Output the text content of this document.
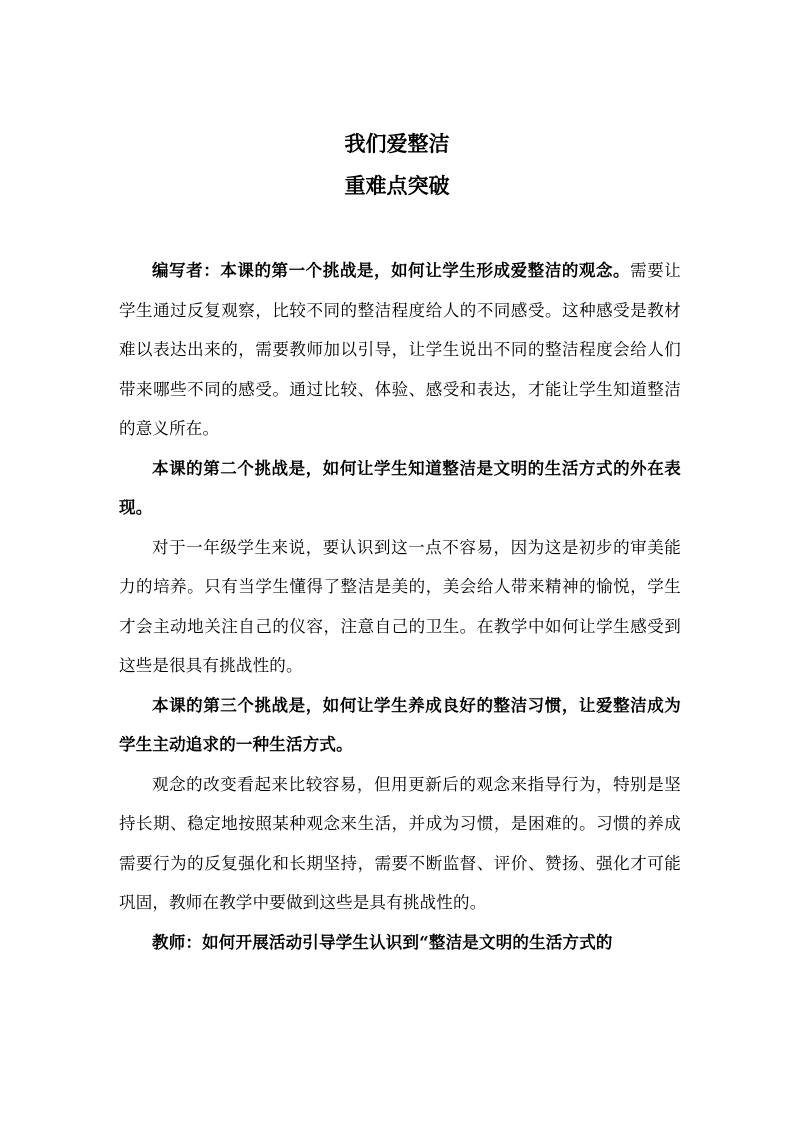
我们爱整洁
重难点突破

编写者：本课的第一个挑战是，如何让学生形成爱整洁的观念。需要让学生通过反复观察，比较不同的整洁程度给人的不同感受。这种感受是教材难以表达出来的，需要教师加以引导，让学生说出不同的整洁程度会给人们带来哪些不同的感受。通过比较、体验、感受和表达，才能让学生知道整洁的意义所在。

本课的第二个挑战是，如何让学生知道整洁是文明的生活方式的外在表现。

对于一年级学生来说，要认识到这一点不容易，因为这是初步的审美能力的培养。只有当学生懂得了整洁是美的，美会给人带来精神的愉悦，学生才会主动地关注自己的仪容，注意自己的卫生。在教学中如何让学生感受到这些是很具有挑战性的。

本课的第三个挑战是，如何让学生养成良好的整洁习惯，让爱整洁成为学生主动追求的一种生活方式。

观念的改变看起来比较容易，但用更新后的观念来指导行为，特别是坚持长期、稳定地按照某种观念来生活，并成为习惯，是困难的。习惯的养成需要行为的反复强化和长期坚持，需要不断监督、评价、赞扬、强化才可能巩固，教师在教学中要做到这些是具有挑战性的。

教师：如何开展活动引导学生认识到“整洁是文明的生活方式的
